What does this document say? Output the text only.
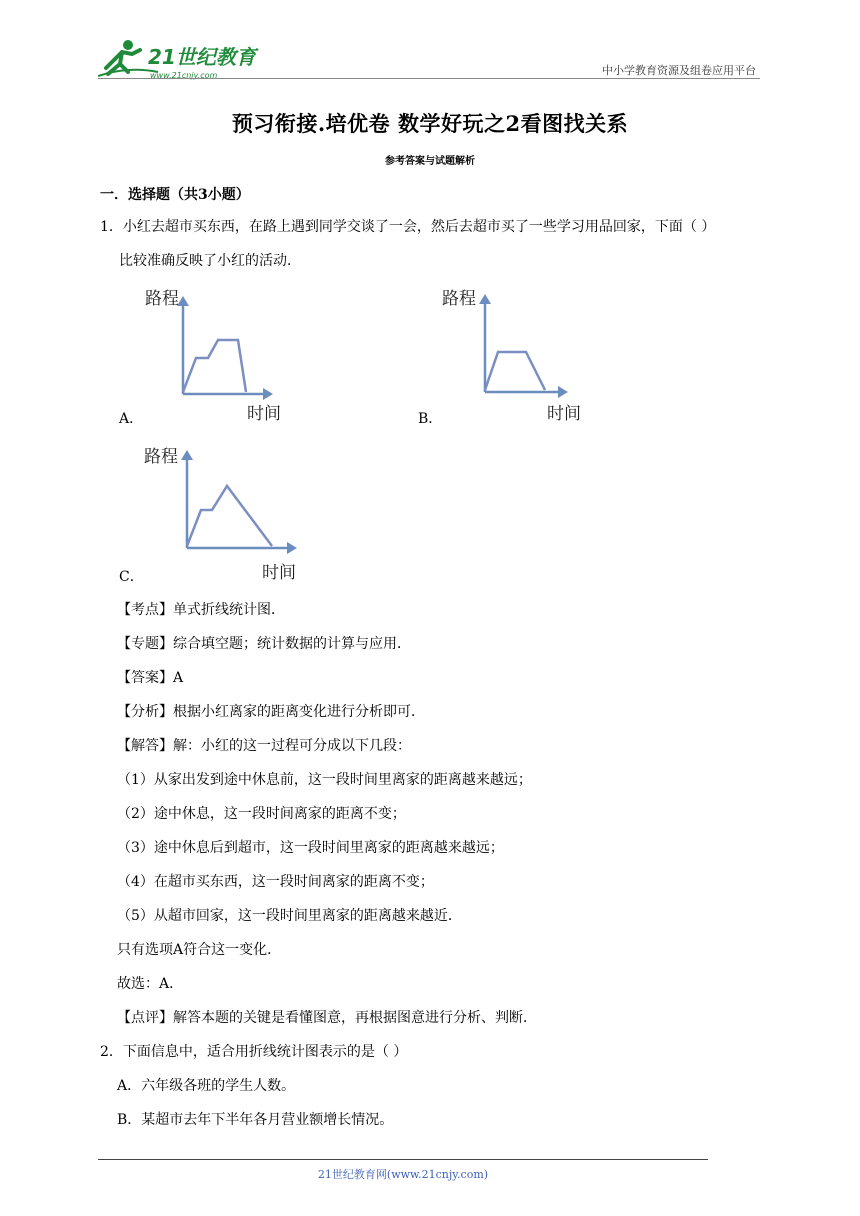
21世纪教育
www.21cnjy.com	中小学教育资源及组卷应用平台
预习衔接.培优卷 数学好玩之2看图找关系
参考答案与试题解析
一．选择题（共3小题）
1．小红去超市买东西，在路上遇到同学交谈了一会，然后去超市买了一些学习用品回家，下面（ ）
比较准确反映了小红的活动．
路程
时间
A．
路程
时间
B．
路程
时间
C．
【考点】单式折线统计图．
【专题】综合填空题；统计数据的计算与应用．
【答案】A
【分析】根据小红离家的距离变化进行分析即可．
【解答】解：小红的这一过程可分成以下几段：
（1）从家出发到途中休息前，这一段时间里离家的距离越来越远；
（2）途中休息，这一段时间离家的距离不变；
（3）途中休息后到超市，这一段时间里离家的距离越来越远；
（4）在超市买东西，这一段时间离家的距离不变；
（5）从超市回家，这一段时间里离家的距离越来越近．
只有选项A符合这一变化．
故选：A．
【点评】解答本题的关键是看懂图意，再根据图意进行分析、判断．
2．下面信息中，适合用折线统计图表示的是（ ）
A．六年级各班的学生人数。
B．某超市去年下半年各月营业额增长情况。
21世纪教育网(www.21cnjy.com)
